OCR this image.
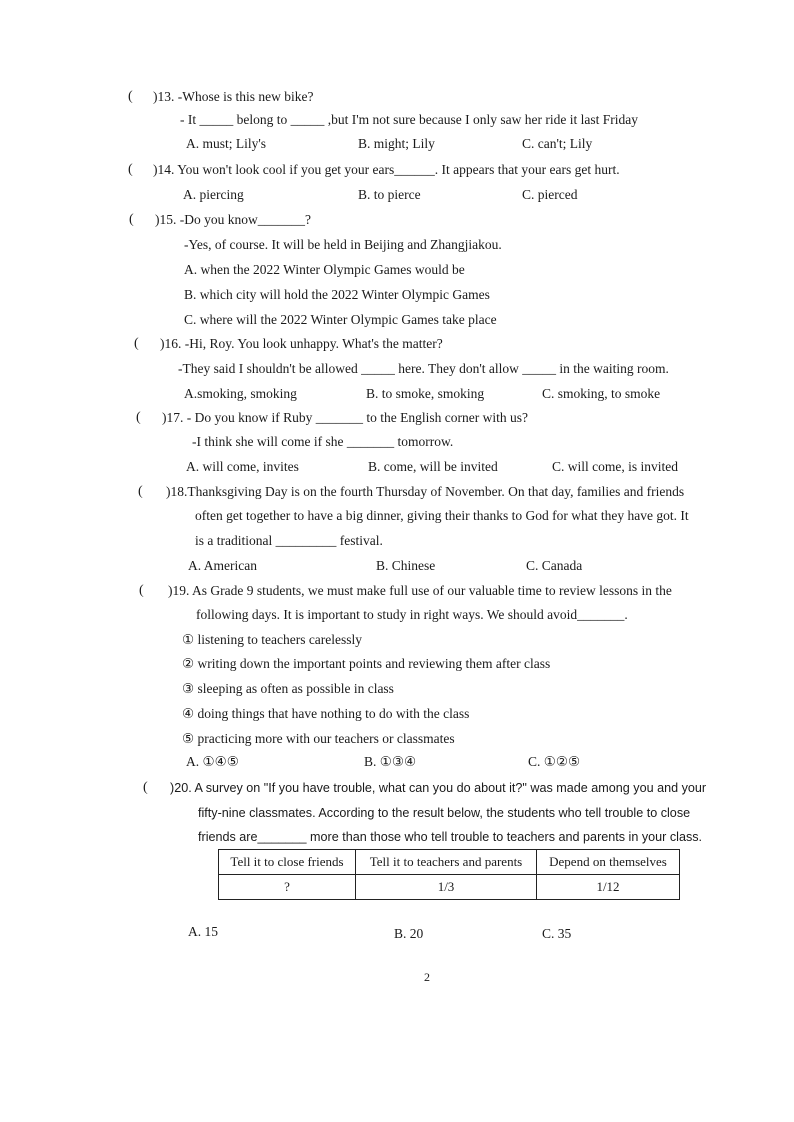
( )13. -Whose is this new bike?
- It _____ belong to _____ ,but I'm not sure because I only saw her ride it last Friday
A. must; Lily's	B. might; Lily	C. can't; Lily
( )14. You won't look cool if you get your ears______. It appears that your ears get hurt.
A. piercing	B. to pierce	C. pierced
( )15. -Do you know_______?
-Yes, of course. It will be held in Beijing and Zhangjiakou.
A. when the 2022 Winter Olympic Games would be
B. which city will hold the 2022 Winter Olympic Games
C. where will the 2022 Winter Olympic Games take place
( )16. -Hi, Roy. You look unhappy. What's the matter?
-They said I shouldn't be allowed _____ here. They don't allow _____ in the waiting room.
A.smoking, smoking	B. to smoke, smoking	C. smoking, to smoke
( )17. - Do you know if Ruby _______ to the English corner with us?
-I think she will come if she _______ tomorrow.
A. will come, invites	B. come, will be invited	C. will come, is invited
( )18.Thanksgiving Day is on the fourth Thursday of November. On that day, families and friends
often get together to have a big dinner, giving their thanks to God for what they have got. It
is a traditional _________ festival.
A. American	B. Chinese	C. Canada
( )19. As Grade 9 students, we must make full use of our valuable time to review lessons in the
following days. It is important to study in right ways. We should avoid_______.
① listening to teachers carelessly
② writing down the important points and reviewing them after class
③ sleeping as often as possible in class
④ doing things that have nothing to do with the class
⑤ practicing more with our teachers or classmates
A. ①④⑤	B. ①③④	C. ①②⑤
( )20. A survey on "If you have trouble, what can you do about it?" was made among you and your
fifty-nine classmates. According to the result below, the students who tell trouble to close
friends are_______ more than those who tell trouble to teachers and parents in your class.
Tell it to close friends	Tell it to teachers and parents	Depend on themselves
?	1/3	1/12
A. 15	B. 20	C. 35
2
